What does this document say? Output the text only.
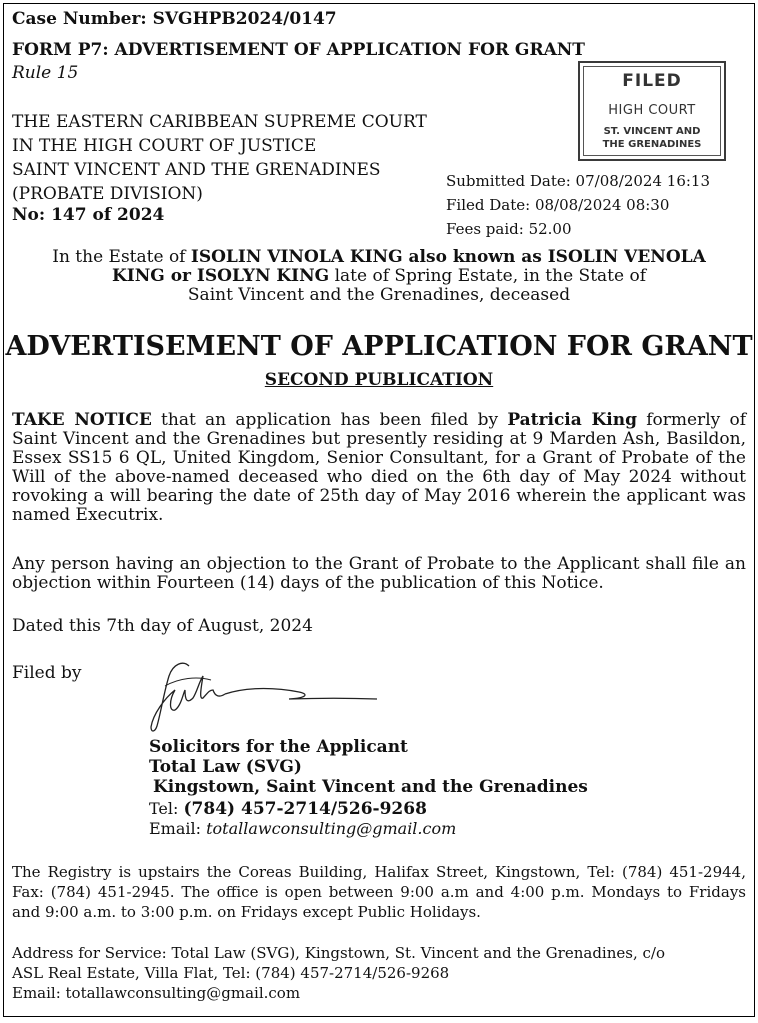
Case Number: SVGHPB2024/0147
FORM P7: ADVERTISEMENT OF APPLICATION FOR GRANT
Rule 15
THE EASTERN CARIBBEAN SUPREME COURT
IN THE HIGH COURT OF JUSTICE
SAINT VINCENT AND THE GRENADINES
(PROBATE DIVISION)
No: 147 of 2024
FILED
HIGH COURT
ST. VINCENT AND
THE GRENADINES
Submitted Date: 07/08/2024 16:13
Filed Date: 08/08/2024 08:30
Fees paid: 52.00
In the Estate of ISOLIN VINOLA KING also known as ISOLIN VENOLA
KING or ISOLYN KING late of Spring Estate, in the State of
Saint Vincent and the Grenadines, deceased
ADVERTISEMENT OF APPLICATION FOR GRANT
SECOND PUBLICATION

TAKE NOTICE that an application has been filed by Patricia King formerly of Saint Vincent and the Grenadines but presently residing at 9 Marden Ash, Basildon, Essex SS15 6 QL, United Kingdom, Senior Consultant, for a Grant of Probate of the Will of the above-named deceased who died on the 6th day of May 2024 without rovoking a will bearing the date of 25th day of May 2016 wherein the applicant was named Executrix.

Any person having an objection to the Grant of Probate to the Applicant shall file an objection within Fourteen (14) days of the publication of this Notice.

Dated this 7th day of August, 2024
Filed by
Solicitors for the Applicant
Total Law (SVG)
Kingstown, Saint Vincent and the Grenadines
Tel: (784) 457-2714/526-9268
Email: totallawconsulting@gmail.com

The Registry is upstairs the Coreas Building, Halifax Street, Kingstown, Tel: (784) 451-2944, Fax: (784) 451-2945. The office is open between 9:00 a.m and 4:00 p.m. Mondays to Fridays and 9:00 a.m. to 3:00 p.m. on Fridays except Public Holidays.

Address for Service: Total Law (SVG), Kingstown, St. Vincent and the Grenadines, c/o
ASL Real Estate, Villa Flat, Tel: (784) 457-2714/526-9268
Email: totallawconsulting@gmail.com
